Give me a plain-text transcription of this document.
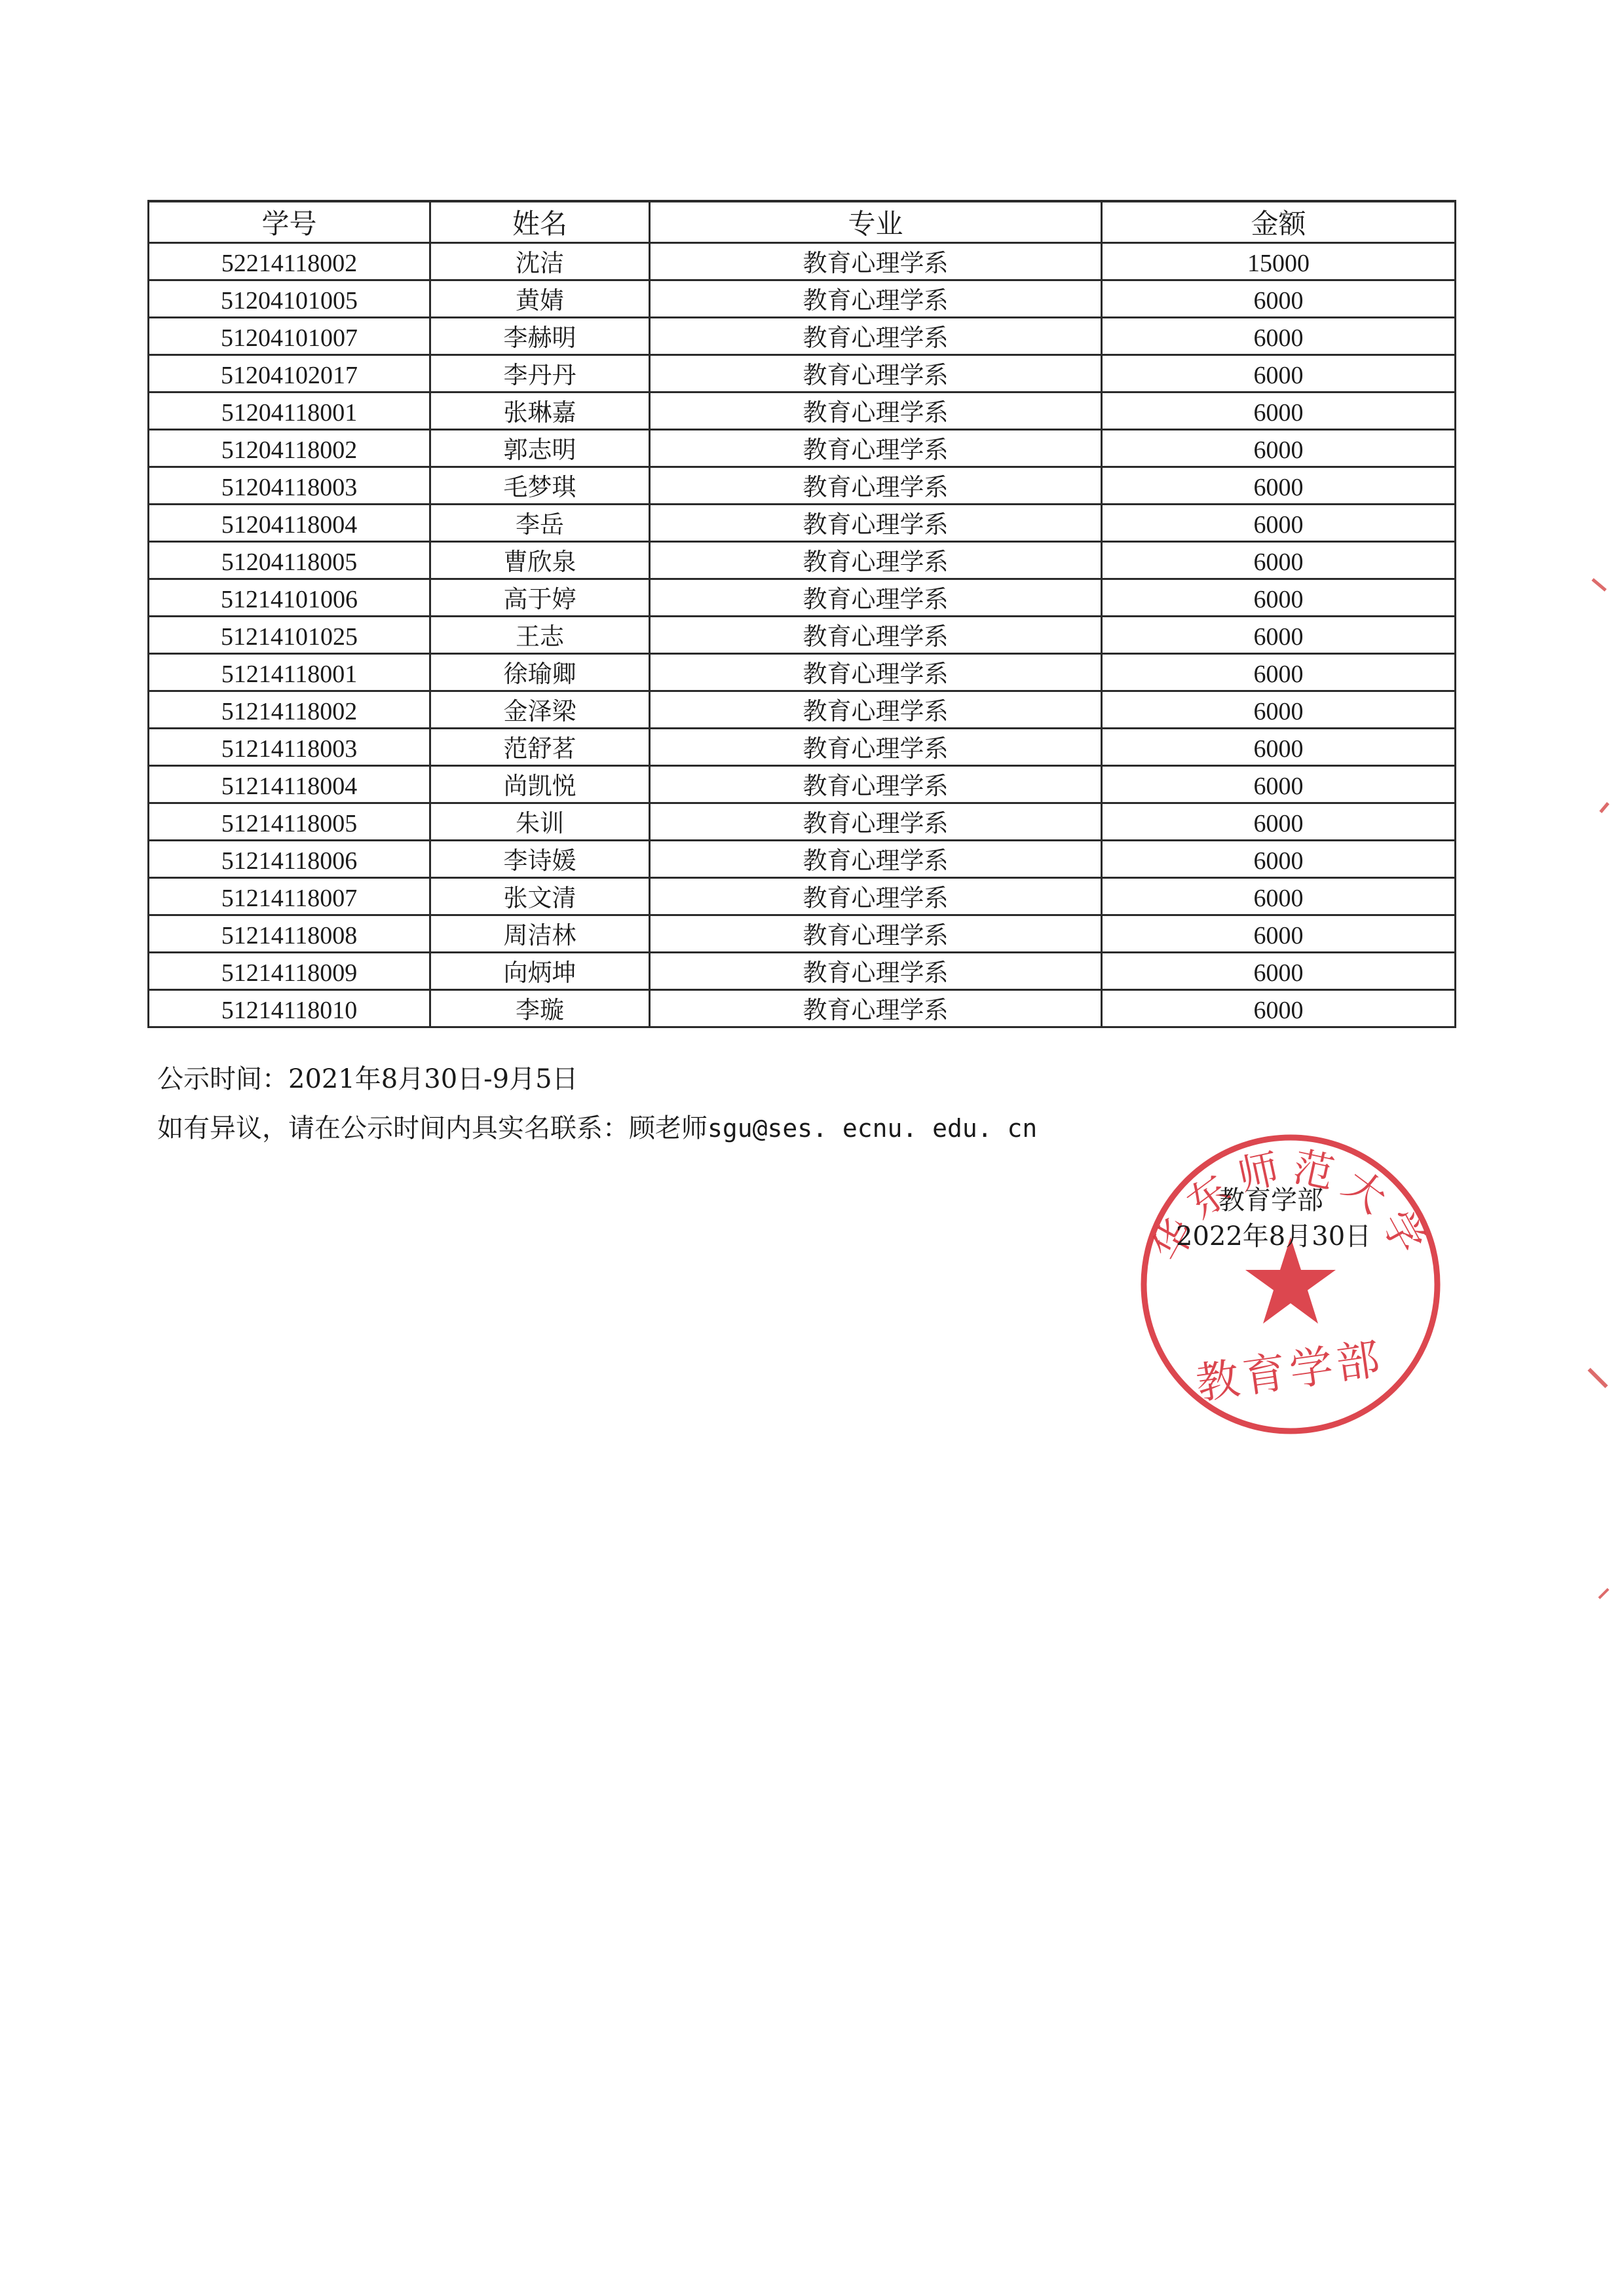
学号	姓名	专业	金额
52214118002	沈洁	教育心理学系	15000
51204101005	黄婧	教育心理学系	6000
51204101007	李赫明	教育心理学系	6000
51204102017	李丹丹	教育心理学系	6000
51204118001	张琳嘉	教育心理学系	6000
51204118002	郭志明	教育心理学系	6000
51204118003	毛梦琪	教育心理学系	6000
51204118004	李岳	教育心理学系	6000
51204118005	曹欣泉	教育心理学系	6000
51214101006	高于婷	教育心理学系	6000
51214101025	王志	教育心理学系	6000
51214118001	徐瑜卿	教育心理学系	6000
51214118002	金泽梁	教育心理学系	6000
51214118003	范舒茗	教育心理学系	6000
51214118004	尚凯悦	教育心理学系	6000
51214118005	朱训	教育心理学系	6000
51214118006	李诗媛	教育心理学系	6000
51214118007	张文清	教育心理学系	6000
51214118008	周洁林	教育心理学系	6000
51214118009	向炳坤	教育心理学系	6000
51214118010	李璇	教育心理学系	6000
公示时间：2021年8月30日-9月5日
如有异议，请在公示时间内具实名联系：顾老师sgu@ses. ecnu. edu. cn
华东师范大学
教育学部
教育学部
2022年8月30日
